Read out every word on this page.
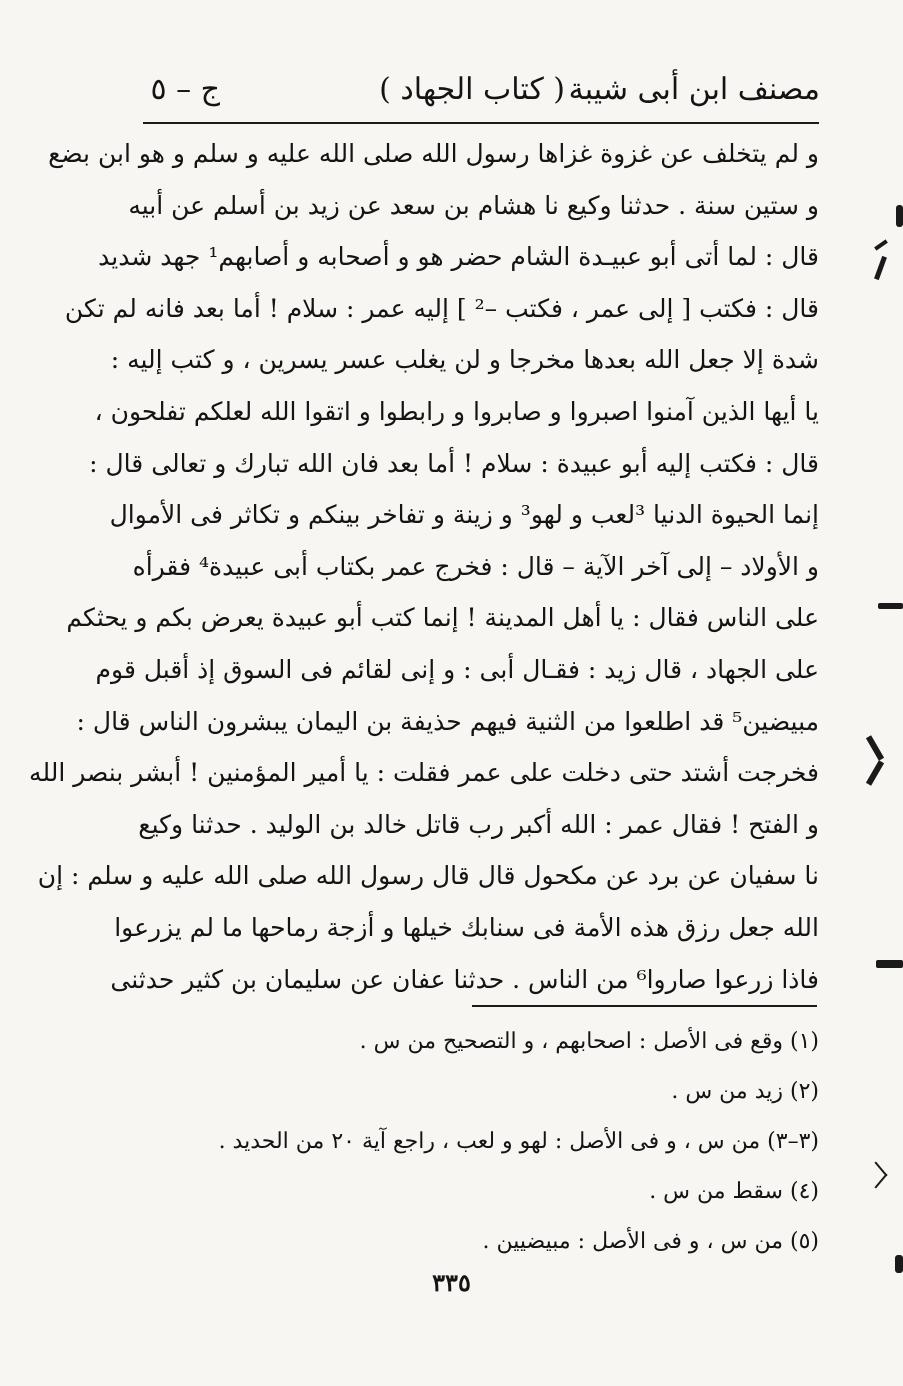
مصنف ابن أبى شيبة
( كتاب الجهاد )
ج – ٥
و لم يتخلف عن غزوة غزاها رسول الله صلى الله عليه و سلم و هو ابن بضع
و ستين سنة . حدثنا وكيع نا هشام بن سعد عن زيد بن أسلم عن أبيه
قال : لما أتى أبو عبيـدة الشام حضر هو و أصحابه و أصابهم¹ جهد شديد
قال : فكتب [ إلى عمر ، فكتب –² ] إليه عمر : سلام ! أما بعد فانه لم تكن
شدة إلا جعل الله بعدها مخرجا و لن يغلب عسر يسرين ، و كتب إليه :
يا أيها الذين آمنوا اصبروا و صابروا و رابطوا و اتقوا الله لعلكم تفلحون ،
قال : فكتب إليه أبو عبيدة : سلام ! أما بعد فان الله تبارك و تعالى قال :
إنما الحيوة الدنيا ³لعب و لهو³ و زينة و تفاخر بينكم و تكاثر فى الأموال
و الأولاد – إلى آخر الآية – قال : فخرج عمر بكتاب أبى عبيدة⁴ فقرأه
على الناس فقال : يا أهل المدينة ! إنما كتب أبو عبيدة يعرض بكم و يحثكم
على الجهاد ، قال زيد : فقـال أبى : و إنى لقائم فى السوق إذ أقبل قوم
مبيضين⁵ قد اطلعوا من الثنية فيهم حذيفة بن اليمان يبشرون الناس قال :
فخرجت أشتد حتى دخلت على عمر فقلت : يا أمير المؤمنين ! أبشر بنصر الله
و الفتح ! فقال عمر : الله أكبر رب قاتل خالد بن الوليد . حدثنا وكيع
نا سفيان عن برد عن مكحول قال قال رسول الله صلى الله عليه و سلم : إن
الله جعل رزق هذه الأمة فى سنابك خيلها و أزجة رماحها ما لم يزرعوا
فاذا زرعوا صاروا⁶ من الناس . حدثنا عفان عن سليمان بن كثير حدثنى
(١) وقع فى الأصل : اصحابهم ، و التصحيح من س .
(٢) زيد من س .
(٣–٣) من س ، و فى الأصل : لهو و لعب ، راجع آية ٢٠ من الحديد .
(٤) سقط من س .
(٥) من س ، و فى الأصل : مبيضيين .
٣٣٥
